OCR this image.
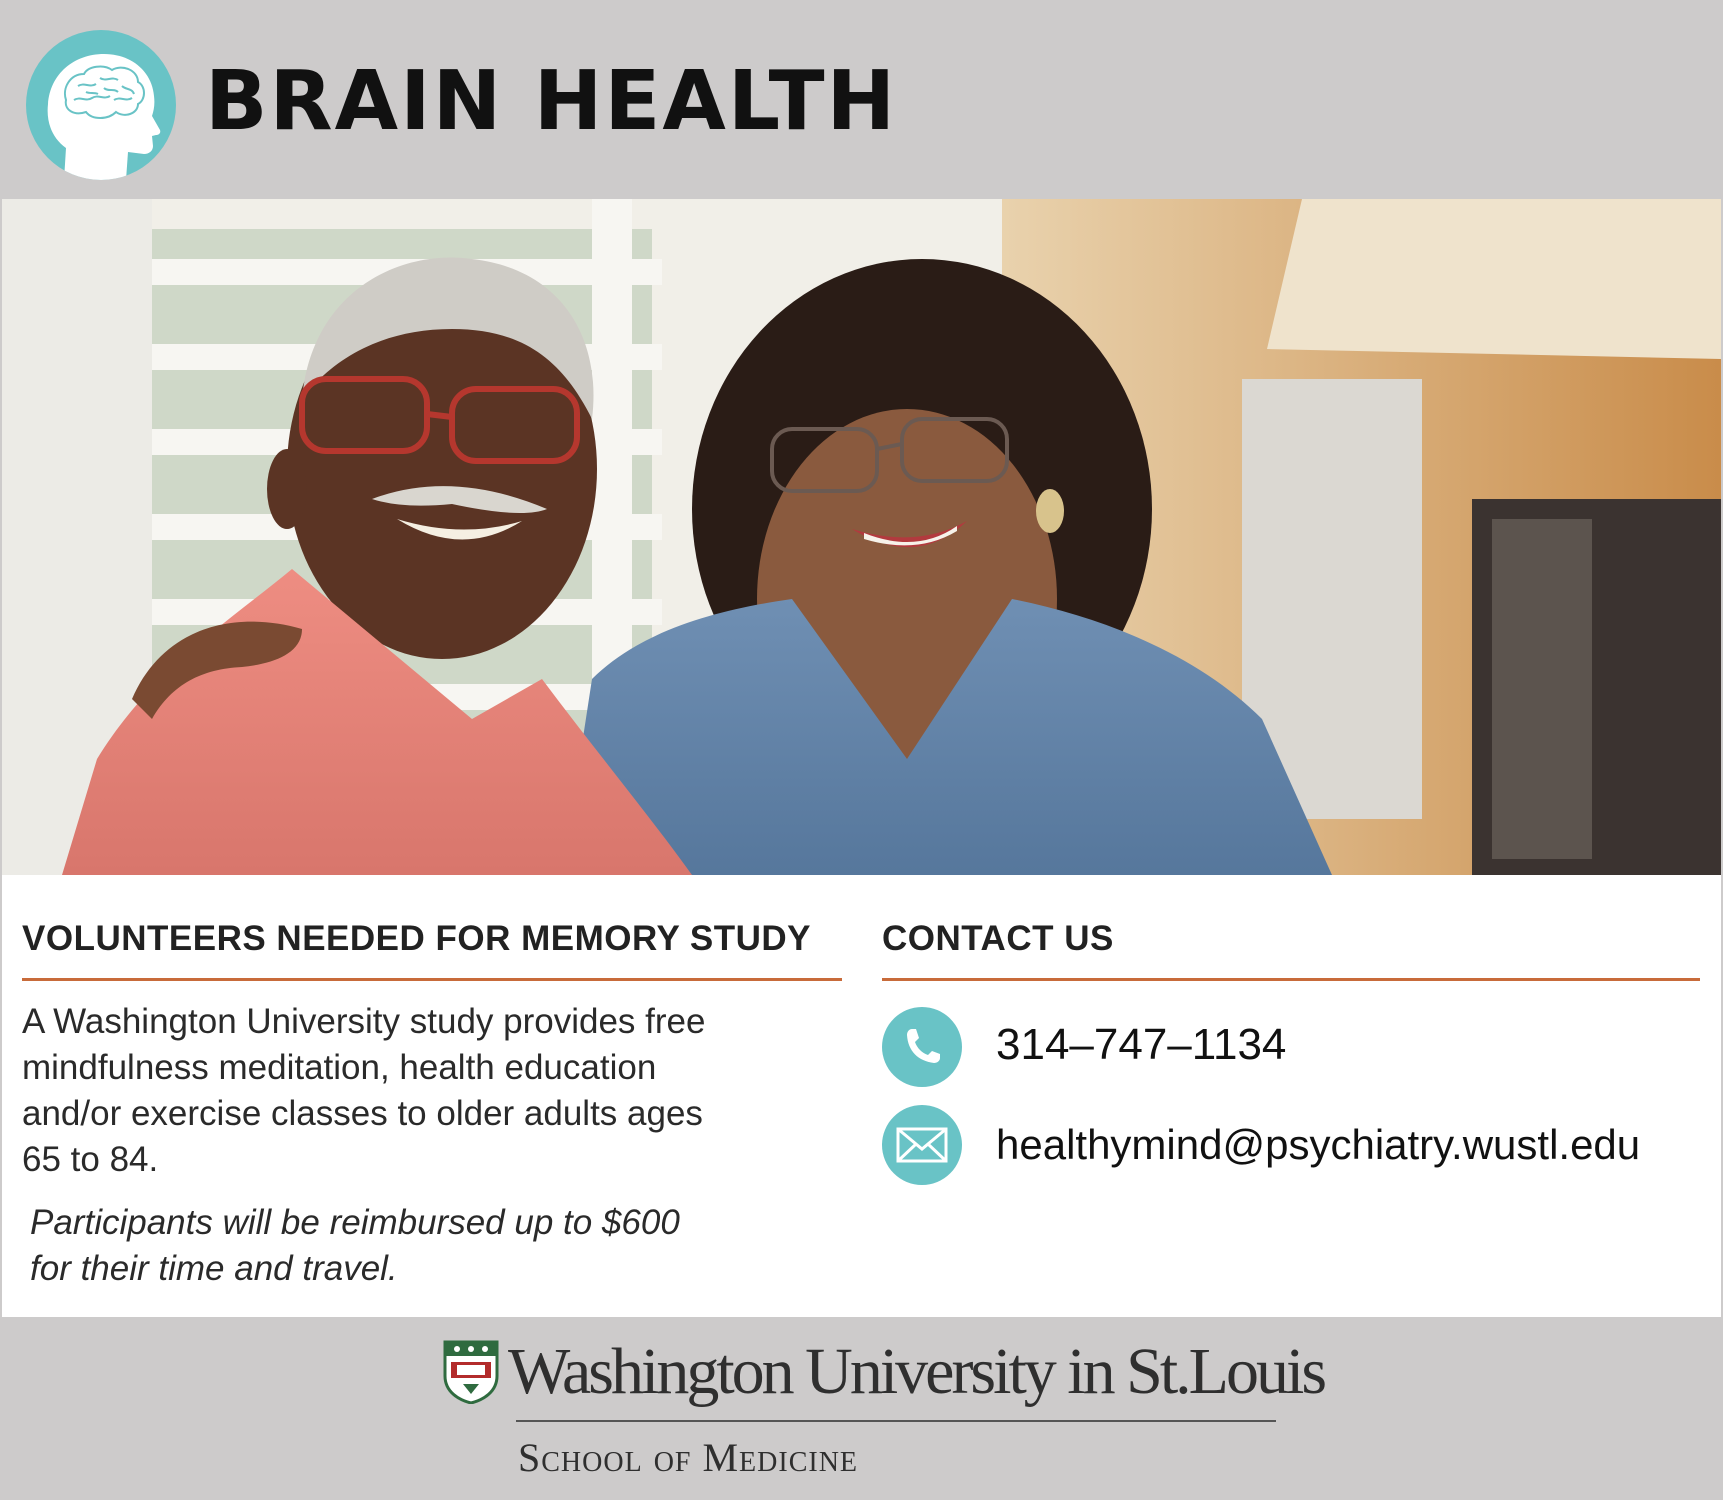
BRAIN HEALTH
VOLUNTEERS NEEDED FOR MEMORY STUDY

A Washington University study provides free mindfulness meditation, health education and/or exercise classes to older adults ages 65 to 84.

Participants will be reimbursed up to $600 for their time and travel.

CONTACT US

314–747–1134

healthymind@psychiatry.wustl.edu

Washington University in St.Louis

School of Medicine
